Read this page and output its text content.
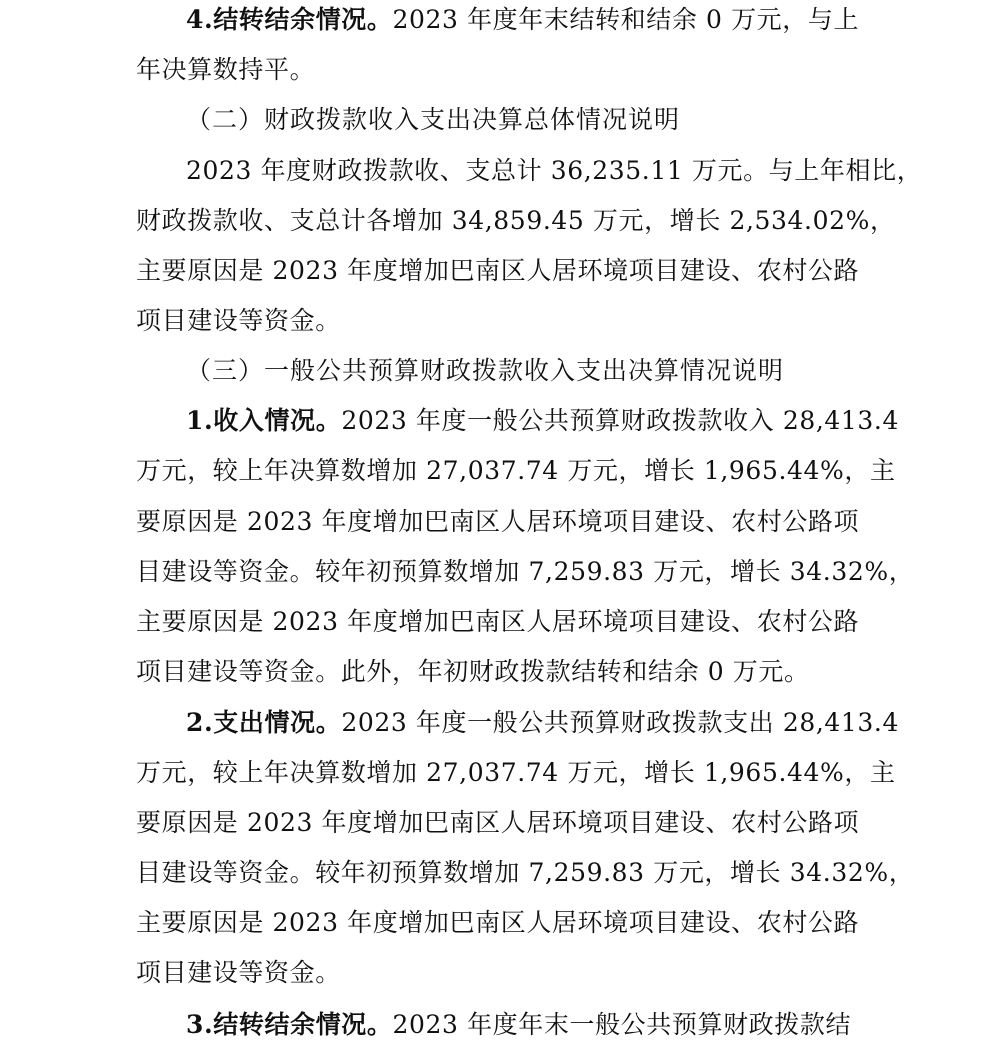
4.结转结余情况。2023 年度年末结转和结余 0 万元，与上
年决算数持平。
（二）财政拨款收入支出决算总体情况说明
2023 年度财政拨款收、支总计 36,235.11 万元。与上年相比，
财政拨款收、支总计各增加 34,859.45 万元，增长 2,534.02%，
主要原因是 2023 年度增加巴南区人居环境项目建设、农村公路
项目建设等资金。
（三）一般公共预算财政拨款收入支出决算情况说明
1.收入情况。2023 年度一般公共预算财政拨款收入 28,413.4
万元，较上年决算数增加 27,037.74 万元，增长 1,965.44%，主
要原因是 2023 年度增加巴南区人居环境项目建设、农村公路项
目建设等资金。较年初预算数增加 7,259.83 万元，增长 34.32%，
主要原因是 2023 年度增加巴南区人居环境项目建设、农村公路
项目建设等资金。此外，年初财政拨款结转和结余 0 万元。
2.支出情况。2023 年度一般公共预算财政拨款支出 28,413.4
万元，较上年决算数增加 27,037.74 万元，增长 1,965.44%，主
要原因是 2023 年度增加巴南区人居环境项目建设、农村公路项
目建设等资金。较年初预算数增加 7,259.83 万元，增长 34.32%，
主要原因是 2023 年度增加巴南区人居环境项目建设、农村公路
项目建设等资金。
3.结转结余情况。2023 年度年末一般公共预算财政拨款结
